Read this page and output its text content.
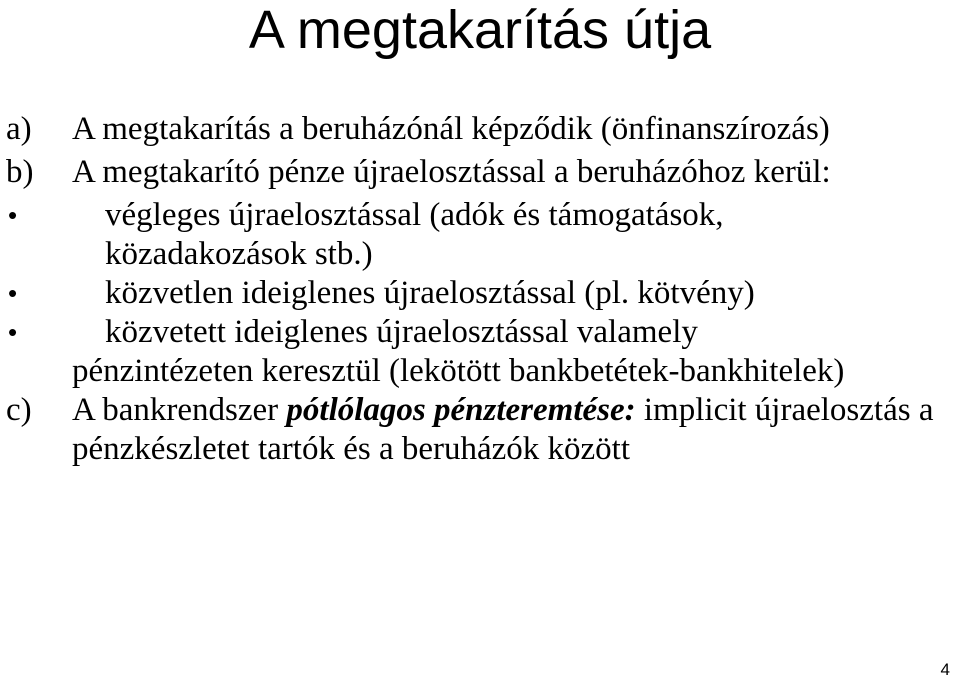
A megtakarítás útja
a) A megtakarítás a beruházónál képződik (önfinanszírozás)
b) A megtakarító pénze újraelosztással a beruházóhoz kerül:
•	végleges újraelosztással (adók és támogatások,
közadakozások stb.)
•	közvetlen ideiglenes újraelosztással (pl. kötvény)
•	közvetett ideiglenes újraelosztással valamely
pénzintézeten keresztül (lekötött bankbetétek-bankhitelek)
c) A bankrendszer pótlólagos pénzteremtése: implicit újraelosztás a pénzkészletet tartók és a beruházók között
4
